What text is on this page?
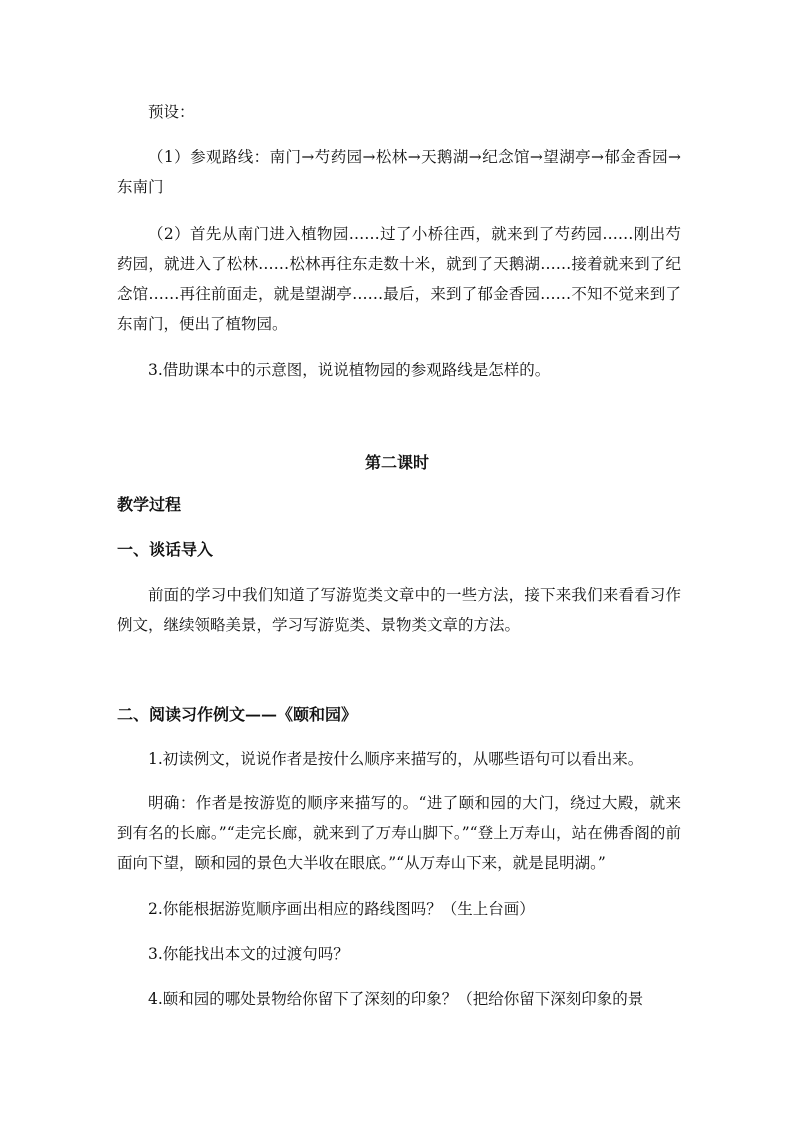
预设：

（1）参观路线：南门→芍药园→松林→天鹅湖→纪念馆→望湖亭→郁金香园→东南门

（2）首先从南门进入植物园……过了小桥往西，就来到了芍药园……刚出芍药园，就进入了松林……松林再往东走数十米，就到了天鹅湖……接着就来到了纪念馆……再往前面走，就是望湖亭……最后，来到了郁金香园……不知不觉来到了东南门，便出了植物园。

3.借助课本中的示意图，说说植物园的参观路线是怎样的。

第二课时

教学过程

一、谈话导入

前面的学习中我们知道了写游览类文章中的一些方法，接下来我们来看看习作例文，继续领略美景，学习写游览类、景物类文章的方法。

二、阅读习作例文——《颐和园》

1.初读例文，说说作者是按什么顺序来描写的，从哪些语句可以看出来。

明确：作者是按游览的顺序来描写的。“进了颐和园的大门，绕过大殿，就来到有名的长廊。”“走完长廊，就来到了万寿山脚下。”“登上万寿山，站在佛香阁的前面向下望，颐和园的景色大半收在眼底。”“从万寿山下来，就是昆明湖。”

2.你能根据游览顺序画出相应的路线图吗？（生上台画）

3.你能找出本文的过渡句吗？

4.颐和园的哪处景物给你留下了深刻的印象？（把给你留下深刻印象的景
